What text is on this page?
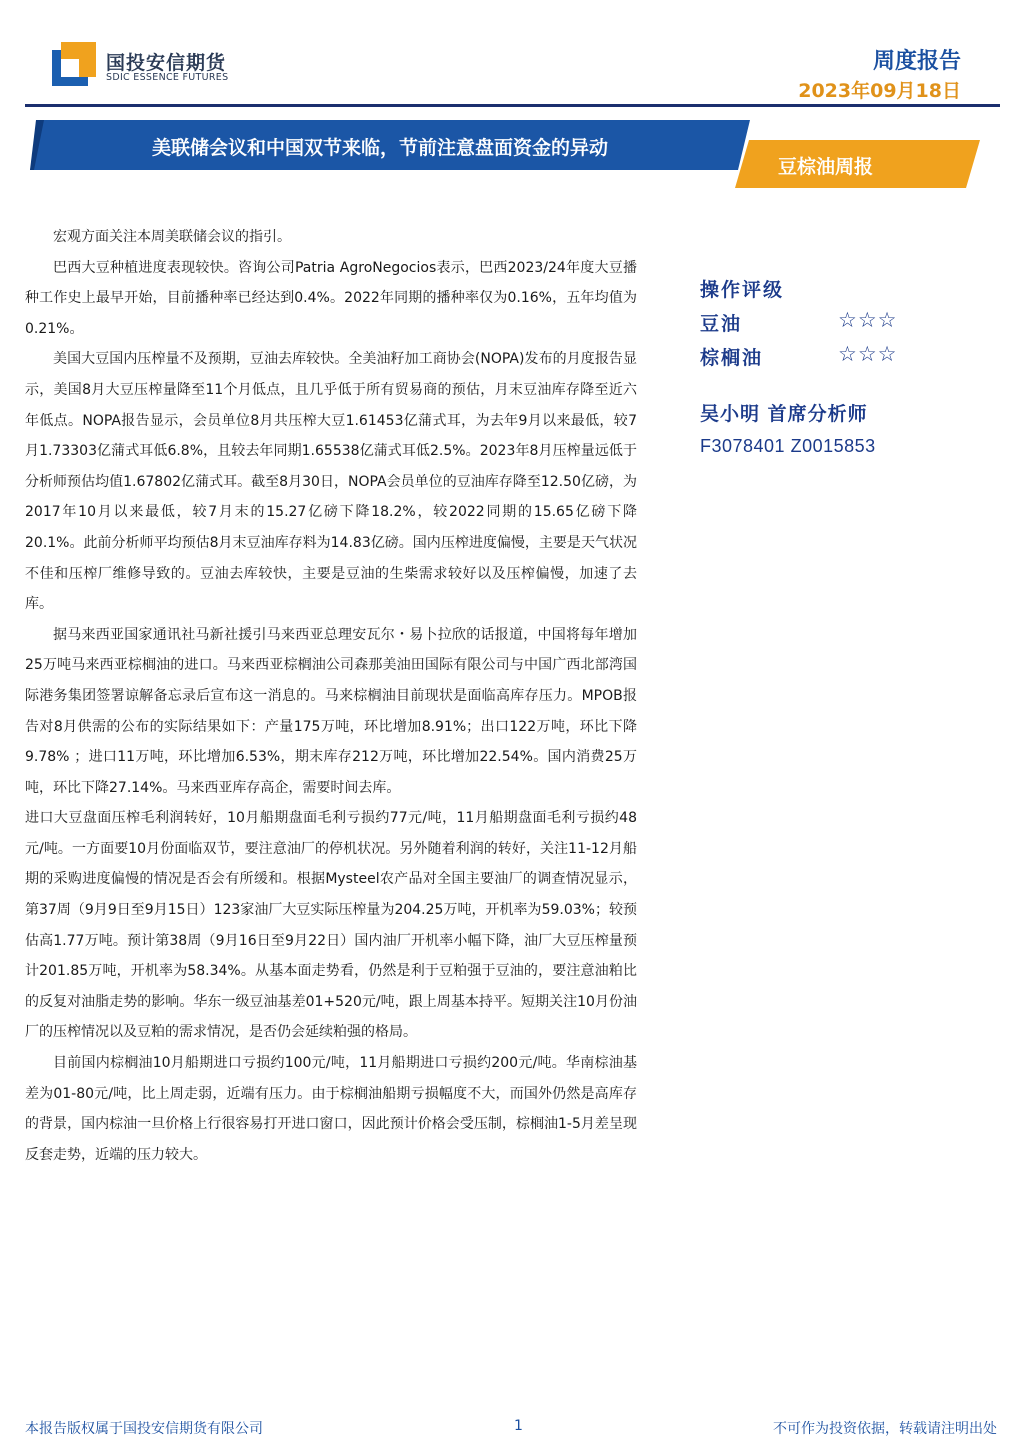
国投安信期货
SDIC ESSENCE FUTURES
周度报告
2023年09月18日
美联储会议和中国双节来临，节前注意盘面资金的异动
豆棕油周报

宏观方面关注本周美联储会议的指引。

巴西大豆种植进度表现较快。咨询公司Patria AgroNegocios表示，巴西2023/24年度大豆播种工作史上最早开始，目前播种率已经达到0.4%。2022年同期的播种率仅为0.16%，五年均值为0.21%。

美国大豆国内压榨量不及预期，豆油去库较快。全美油籽加工商协会(NOPA)发布的月度报告显示，美国8月大豆压榨量降至11个月低点，且几乎低于所有贸易商的预估，月末豆油库存降至近六年低点。NOPA报告显示，会员单位8月共压榨大豆1.61453亿蒲式耳，为去年9月以来最低，较7月1.73303亿蒲式耳低6.8%，且较去年同期1.65538亿蒲式耳低2.5%。2023年8月压榨量远低于分析师预估均值1.67802亿蒲式耳。截至8月30日，NOPA会员单位的豆油库存降至12.50亿磅，为2017年10月以来最低，较7月末的15.27亿磅下降18.2%，较2022同期的15.65亿磅下降20.1%。此前分析师平均预估8月末豆油库存料为14.83亿磅。国内压榨进度偏慢，主要是天气状况不佳和压榨厂维修导致的。豆油去库较快，主要是豆油的生柴需求较好以及压榨偏慢，加速了去库。

据马来西亚国家通讯社马新社援引马来西亚总理安瓦尔・易卜拉欣的话报道，中国将每年增加25万吨马来西亚棕榈油的进口。马来西亚棕榈油公司森那美油田国际有限公司与中国广西北部湾国际港务集团签署谅解备忘录后宣布这一消息的。马来棕榈油目前现状是面临高库存压力。MPOB报告对8月供需的公布的实际结果如下：产量175万吨，环比增加8.91%；出口122万吨，环比下降9.78% ；进口11万吨，环比增加6.53%，期末库存212万吨，环比增加22.54%。国内消费25万吨，环比下降27.14%。马来西亚库存高企，需要时间去库。

进口大豆盘面压榨毛利润转好，10月船期盘面毛利亏损约77元/吨，11月船期盘面毛利亏损约48元/吨。一方面要10月份面临双节，要注意油厂的停机状况。另外随着利润的转好，关注11-12月船期的采购进度偏慢的情况是否会有所缓和。根据Mysteel农产品对全国主要油厂的调查情况显示，第37周（9月9日至9月15日）123家油厂大豆实际压榨量为204.25万吨，开机率为59.03%；较预估高1.77万吨。预计第38周（9月16日至9月22日）国内油厂开机率小幅下降，油厂大豆压榨量预计201.85万吨，开机率为58.34%。从基本面走势看，仍然是利于豆粕强于豆油的，要注意油粕比的反复对油脂走势的影响。华东一级豆油基差01+520元/吨，跟上周基本持平。短期关注10月份油厂的压榨情况以及豆粕的需求情况，是否仍会延续粕强的格局。

目前国内棕榈油10月船期进口亏损约100元/吨，11月船期进口亏损约200元/吨。华南棕油基差为01-80元/吨，比上周走弱，近端有压力。由于棕榈油船期亏损幅度不大，而国外仍然是高库存的背景，国内棕油一旦价格上行很容易打开进口窗口，因此预计价格会受压制，棕榈油1-5月差呈现反套走势，近端的压力较大。

操作评级
豆油	☆☆☆
棕榈油	☆☆☆
吴小明 首席分析师
F3078401 Z0015853
本报告版权属于国投安信期货有限公司	1	不可作为投资依据，转载请注明出处
